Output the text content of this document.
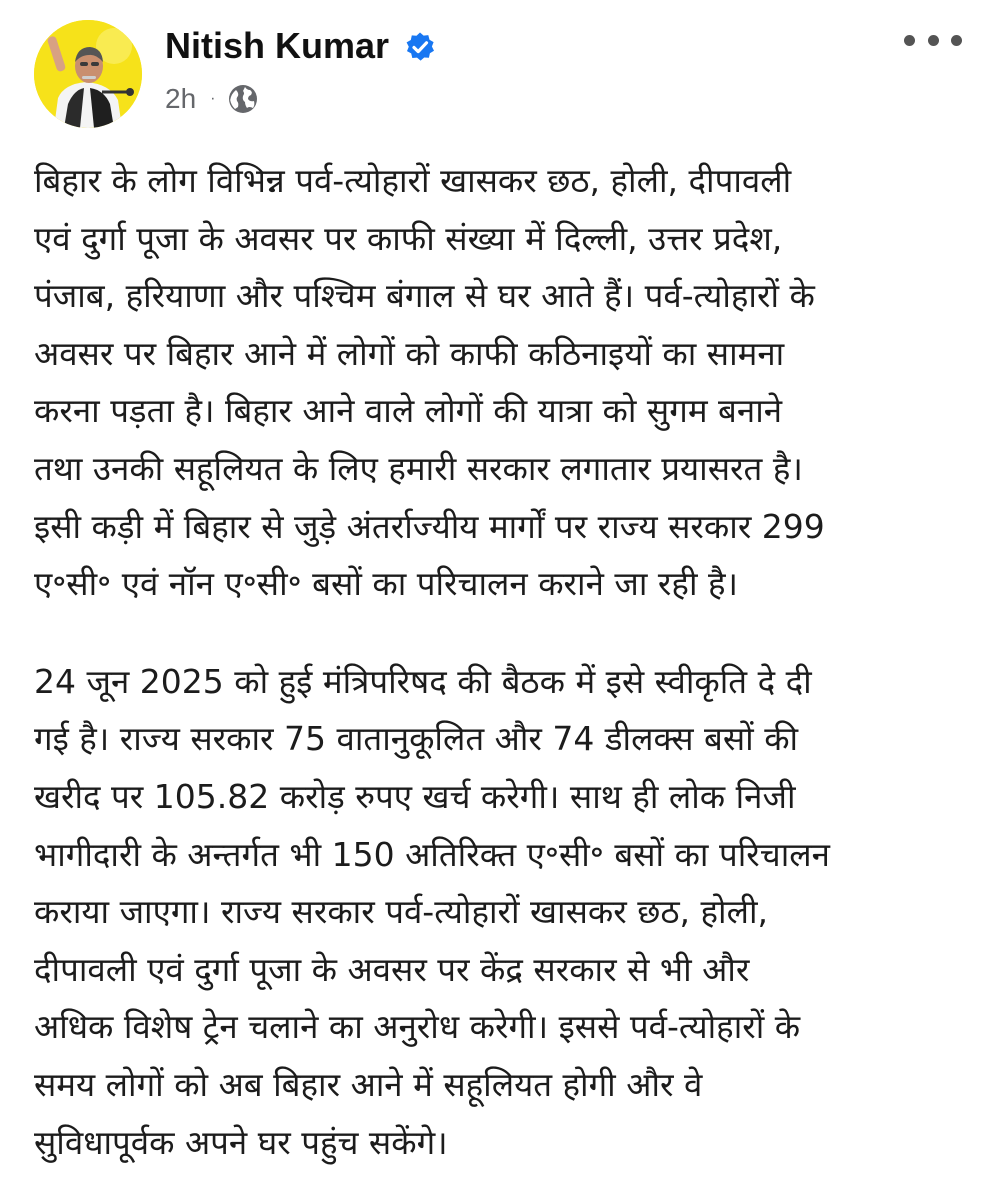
Nitish Kumar
2h ·

बिहार के लोग विभिन्न पर्व-त्योहारों खासकर छठ, होली, दीपावली
एवं दुर्गा पूजा के अवसर पर काफी संख्या में दिल्ली, उत्तर प्रदेश,
पंजाब, हरियाणा और पश्चिम बंगाल से घर आते हैं। पर्व-त्योहारों के
अवसर पर बिहार आने में लोगों को काफी कठिनाइयों का सामना
करना पड़ता है। बिहार आने वाले लोगों की यात्रा को सुगम बनाने
तथा उनकी सहूलियत के लिए हमारी सरकार लगातार प्रयासरत है।
इसी कड़ी में बिहार से जुड़े अंतर्राज्यीय मार्गों पर राज्य सरकार 299
ए॰सी॰ एवं नॉन ए॰सी॰ बसों का परिचालन कराने जा रही है।

24 जून 2025 को हुई मंत्रिपरिषद की बैठक में इसे स्वीकृति दे दी
गई है। राज्य सरकार 75 वातानुकूलित और 74 डीलक्स बसों की
खरीद पर 105.82 करोड़ रुपए खर्च करेगी। साथ ही लोक निजी
भागीदारी के अन्तर्गत भी 150 अतिरिक्त ए॰सी॰ बसों का परिचालन
कराया जाएगा। राज्य सरकार पर्व-त्योहारों खासकर छठ, होली,
दीपावली एवं दुर्गा पूजा के अवसर पर केंद्र सरकार से भी और
अधिक विशेष ट्रेन चलाने का अनुरोध करेगी। इससे पर्व-त्योहारों के
समय लोगों को अब बिहार आने में सहूलियत होगी और वे
सुविधापूर्वक अपने घर पहुंच सकेंगे।
